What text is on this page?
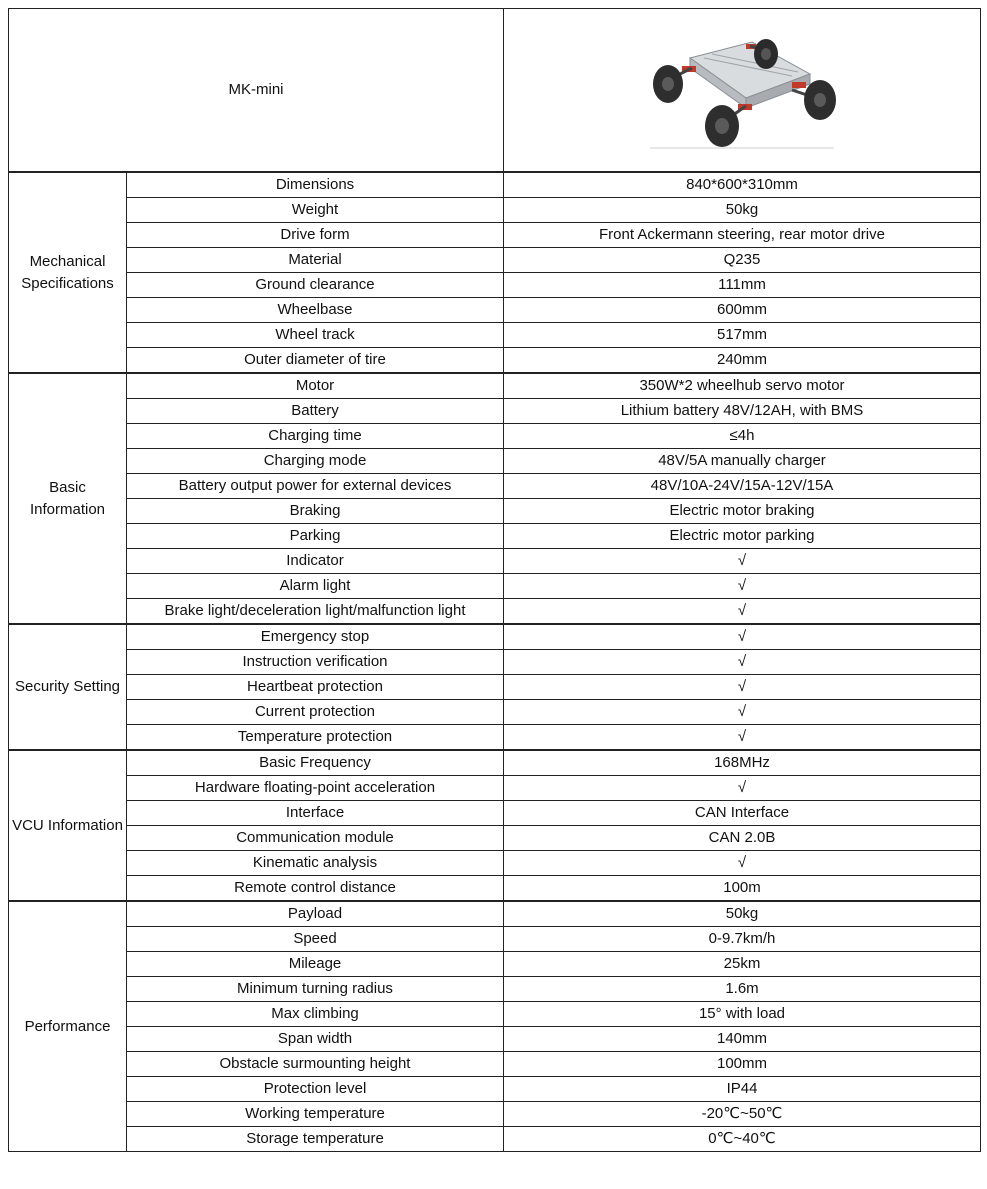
MK-mini	

Mechanical Specifications	Dimensions	840*600*310mm
	Weight	50kg
	Drive form	Front Ackermann steering, rear motor drive
	Material	Q235
	Ground clearance	111mm
	Wheelbase	600mm
	Wheel track	517mm
	Outer diameter of tire	240mm
Basic Information	Motor	350W*2 wheelhub servo motor
	Battery	Lithium battery 48V/12AH, with BMS
	Charging time	≤4h
	Charging mode	48V/5A manually charger
	Battery output power for external devices	48V/10A-24V/15A-12V/15A
	Braking	Electric motor braking
	Parking	Electric motor parking
	Indicator	√
	Alarm light	√
	Brake light/deceleration light/malfunction light	√
Security Setting	Emergency stop	√
	Instruction verification	√
	Heartbeat protection	√
	Current protection	√
	Temperature protection	√
VCU Information	Basic Frequency	168MHz
	Hardware floating-point acceleration	√
	Interface	CAN Interface
	Communication module	CAN 2.0B
	Kinematic analysis	√
	Remote control distance	100m
Performance	Payload	50kg
	Speed	0-9.7km/h
	Mileage	25km
	Minimum turning radius	1.6m
	Max climbing	15° with load
	Span width	140mm
	Obstacle surmounting height	100mm
	Protection level	IP44
	Working temperature	-20℃~50℃
	Storage temperature	0℃~40℃
